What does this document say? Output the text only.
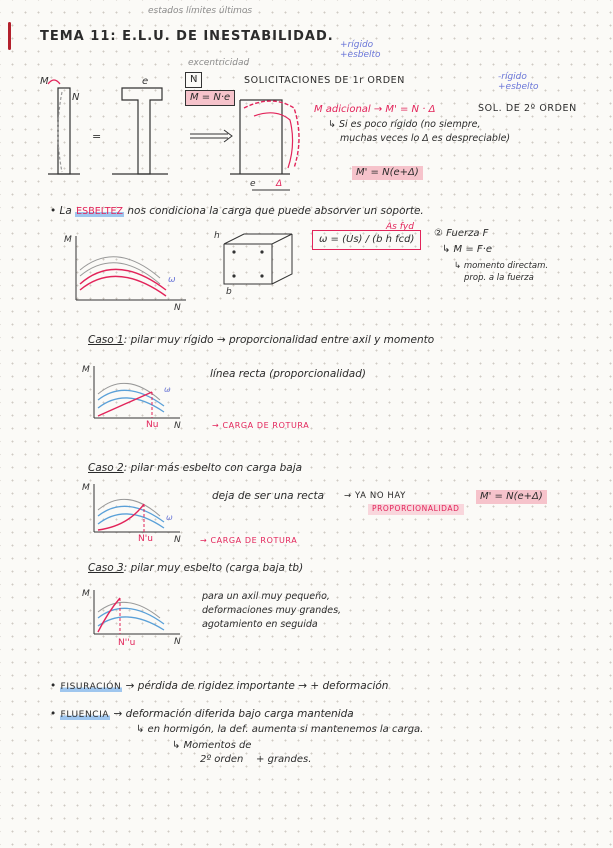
estados límites últimos
TEMA 11: E.L.U. DE INESTABILIDAD.
M
N
=
e
e Δ
excentricidad
N
M = N·e
SOLICITACIONES DE 1r ORDEN
+rígido
+esbelto
-rígido
+esbelto
M adicional → M' = N · Δ	SOL. DE 2º ORDEN
↳ Si es poco rígido (no siempre,
muchas veces lo Δ es despreciable)
M' = N(e+Δ)
• La ESBELTEZ nos condiciona la carga que puede absorver un soporte.
M
N
ω
h
b
ω = (Us) / (b h fcd)
As fyd
② Fuerza F
↳ M = F·e
↳ momento directam.
prop. a la fuerza
Caso 1: pilar muy rígido → proporcionalidad entre axil y momento
M
N
ω
línea recta (proporcionalidad)
Nu	→ CARGA DE ROTURA
Caso 2: pilar más esbelto con carga baja
M
N
ω
deja de ser una recta → YA NO HAY
PROPORCIONALIDAD
M' = N(e+Δ)
N'u	→ CARGA DE ROTURA
Caso 3: pilar muy esbelto (carga baja tb)
M
N
para un axil muy pequeño,
deformaciones muy grandes,
agotamiento en seguida
N''u
• FISURACIÓN → pérdida de rigidez importante → + deformación
• FLUENCIA → deformación diferida bajo carga mantenida
↳ en hormigón, la def. aumenta si mantenemos la carga.
↳ Momentos de
2º orden    + grandes.
